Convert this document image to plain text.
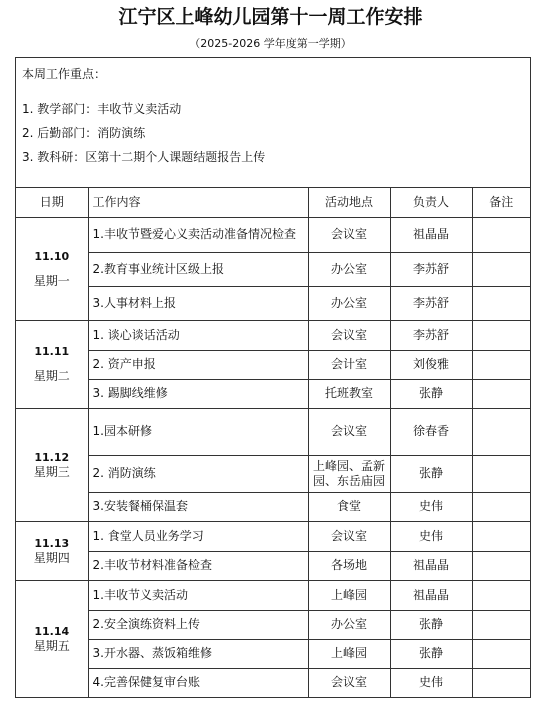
江宁区上峰幼儿园第十一周工作安排
（2025-2026 学年度第一学期）
本周工作重点：
1. 教学部门：丰收节义卖活动
2. 后勤部门：消防演练
3. 教科研：区第十二期个人课题结题报告上传
日期	工作内容	活动地点	负责人	备注

11.10
星期一	1.丰收节暨爱心义卖活动准备情况检查	会议室	祖晶晶	
	2.教育事业统计区级上报	办公室	李苏舒	
	3.人事材料上报	办公室	李苏舒	

11.11
星期二	1. 谈心谈话活动	会议室	李苏舒	
	2. 资产申报	会计室	刘俊雅	
	3. 踢脚线维修	托班教室	张静	

11.12
星期三	1.园本研修	会议室	徐春香	
	2. 消防演练	上峰园、孟新园、东岳庙园	张静	
	3.安装餐桶保温套	食堂	史伟	

11.13
星期四	1. 食堂人员业务学习	会议室	史伟	
	2.丰收节材料准备检查	各场地	祖晶晶	

11.14
星期五	1.丰收节义卖活动	上峰园	祖晶晶	
	2.安全演练资料上传	办公室	张静	
	3.开水器、蒸饭箱维修	上峰园	张静	
	4.完善保健复审台账	会议室	史伟	
